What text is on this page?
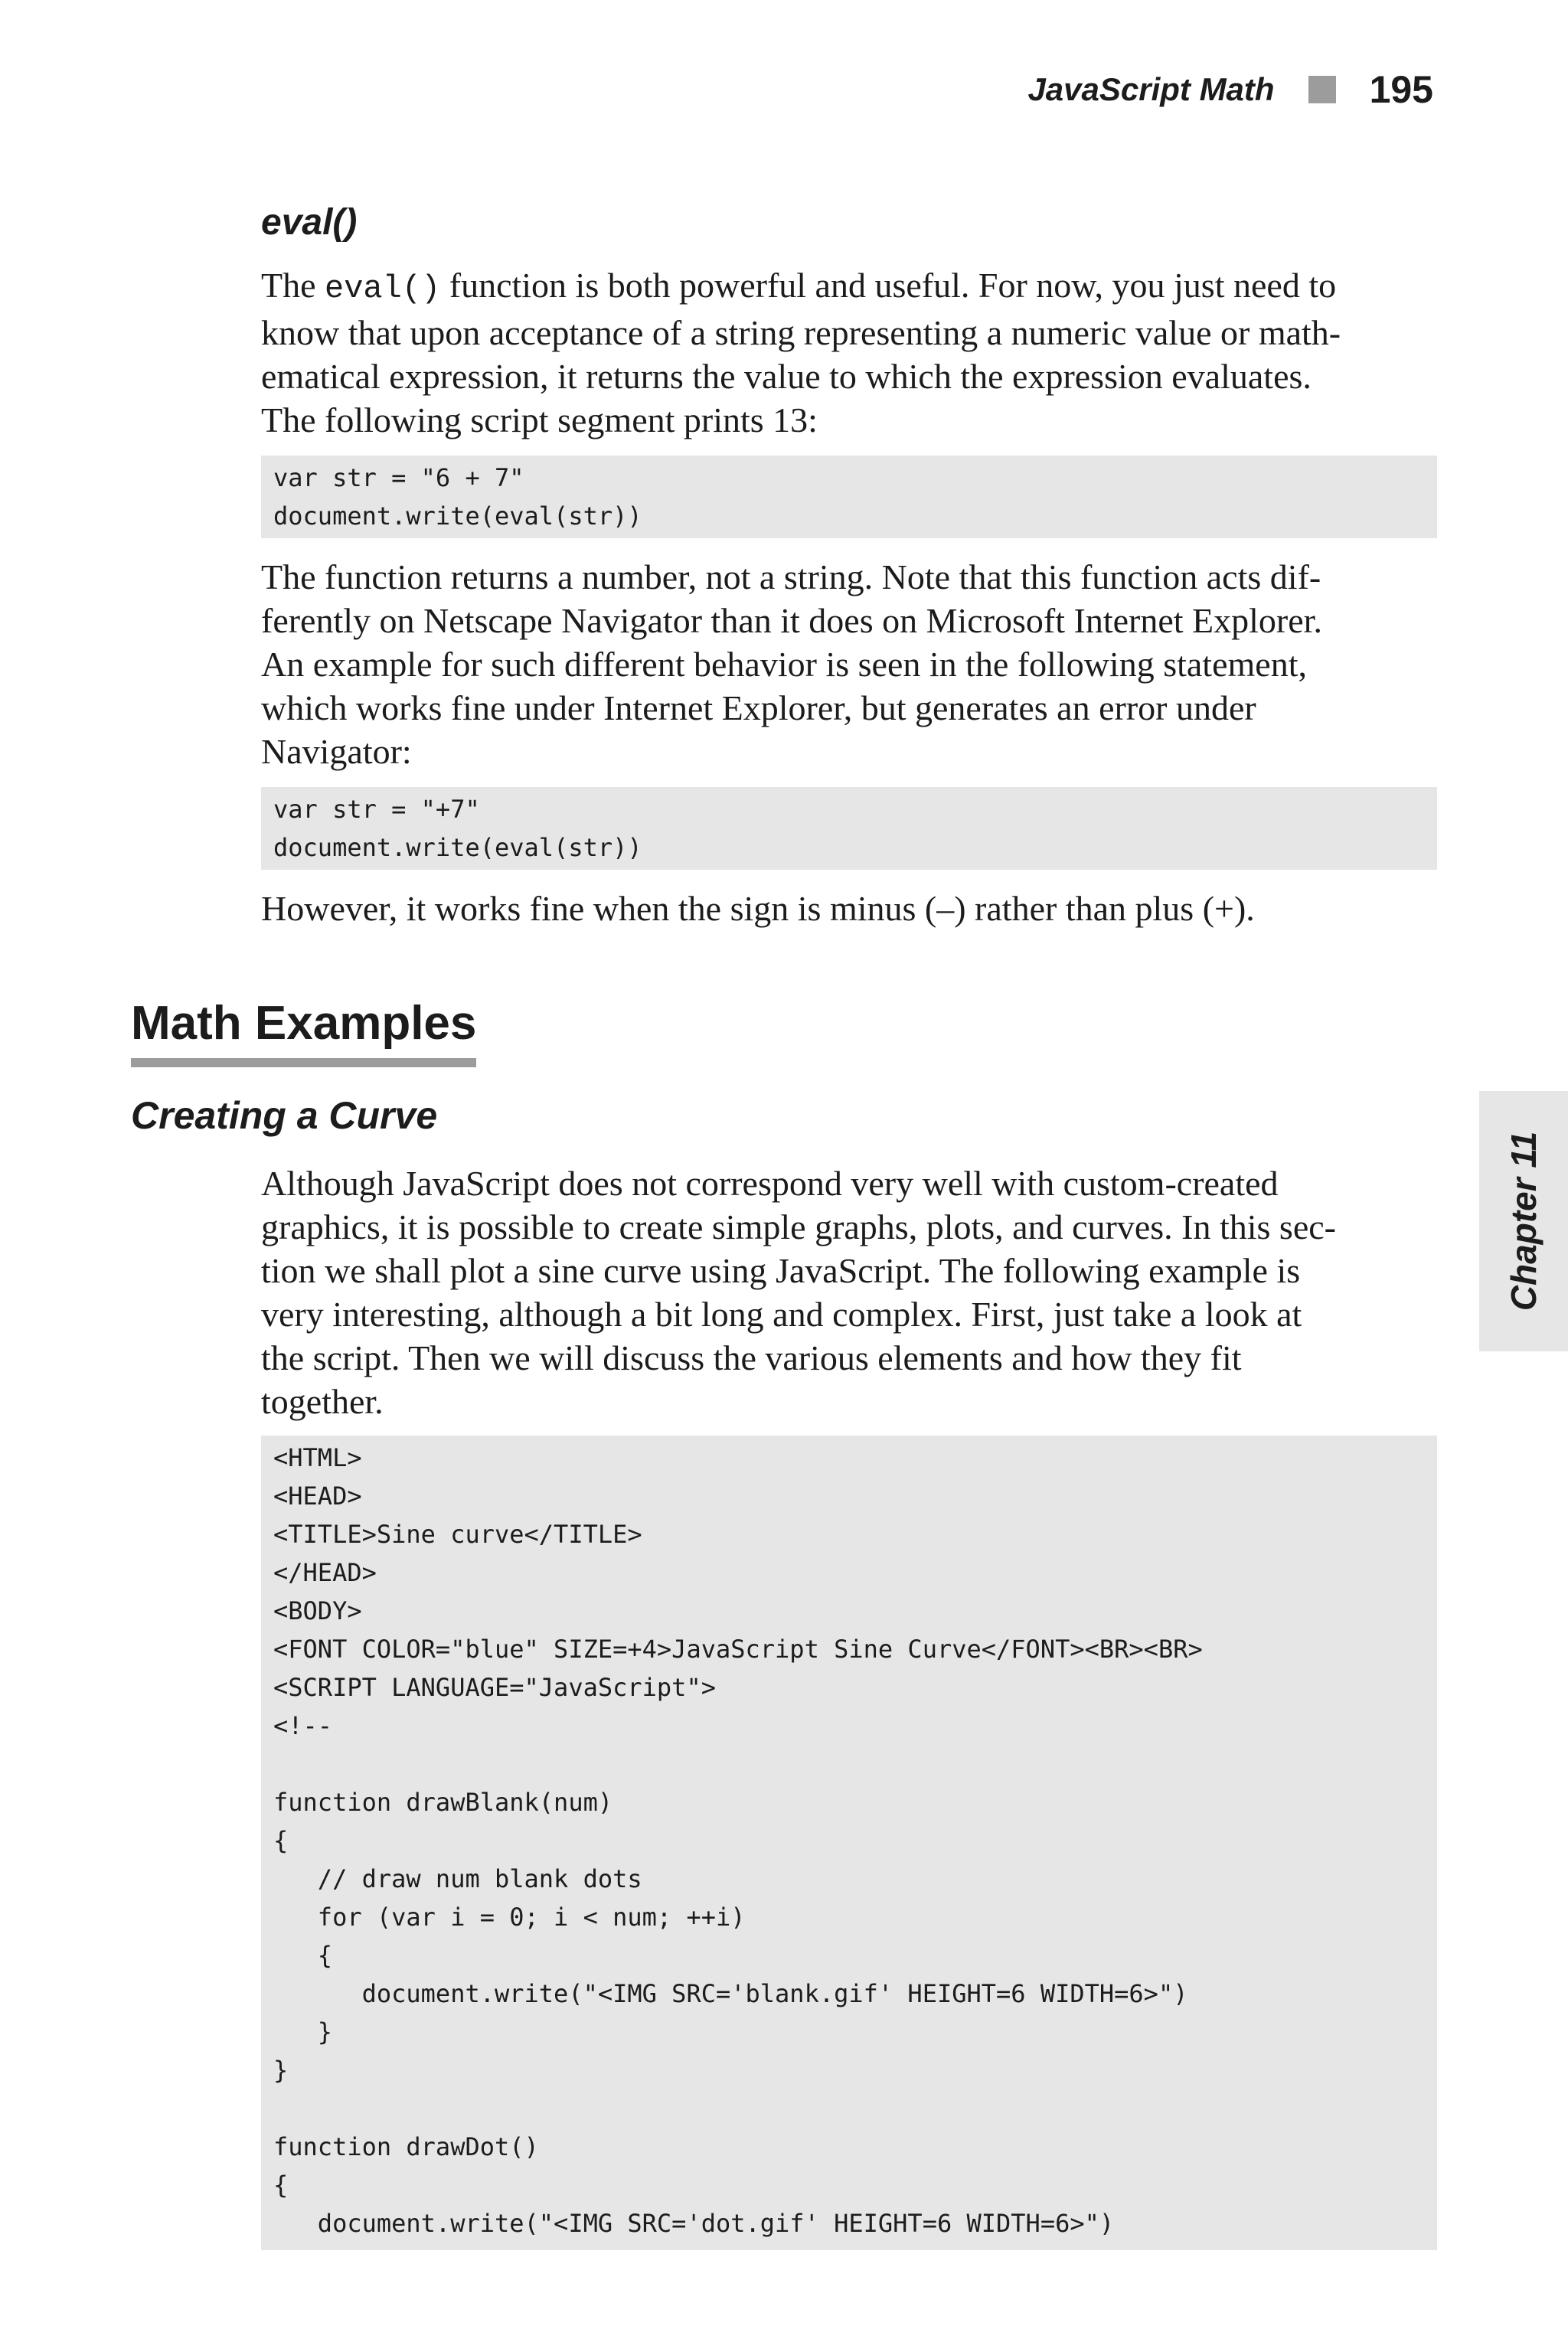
JavaScript Math 195
eval()

The eval() function is both powerful and useful. For now, you just need to
know that upon acceptance of a string representing a numeric value or math-
ematical expression, it returns the value to which the expression evaluates.
The following script segment prints 13:

var str = "6 + 7"
document.write(eval(str))

The function returns a number, not a string. Note that this function acts dif-
ferently on Netscape Navigator than it does on Microsoft Internet Explorer.
An example for such different behavior is seen in the following statement,
which works fine under Internet Explorer, but generates an error under
Navigator:

var str = "+7"
document.write(eval(str))

However, it works fine when the sign is minus (–) rather than plus (+).

Math Examples
Creating a Curve

Although JavaScript does not correspond very well with custom-created
graphics, it is possible to create simple graphs, plots, and curves. In this sec-
tion we shall plot a sine curve using JavaScript. The following example is
very interesting, although a bit long and complex. First, just take a look at
the script. Then we will discuss the various elements and how they fit
together.

<HTML>
<HEAD>
<TITLE>Sine curve</TITLE>
</HEAD>
<BODY>
<FONT COLOR="blue" SIZE=+4>JavaScript Sine Curve</FONT><BR><BR>
<SCRIPT LANGUAGE="JavaScript">
<!--
function drawBlank(num)
{
// draw num blank dots
for (var i = 0; i < num; ++i)
{
document.write("<IMG SRC='blank.gif' HEIGHT=6 WIDTH=6>")
}
}
function drawDot()
{
document.write("<IMG SRC='dot.gif' HEIGHT=6 WIDTH=6>")
Chapter 11
